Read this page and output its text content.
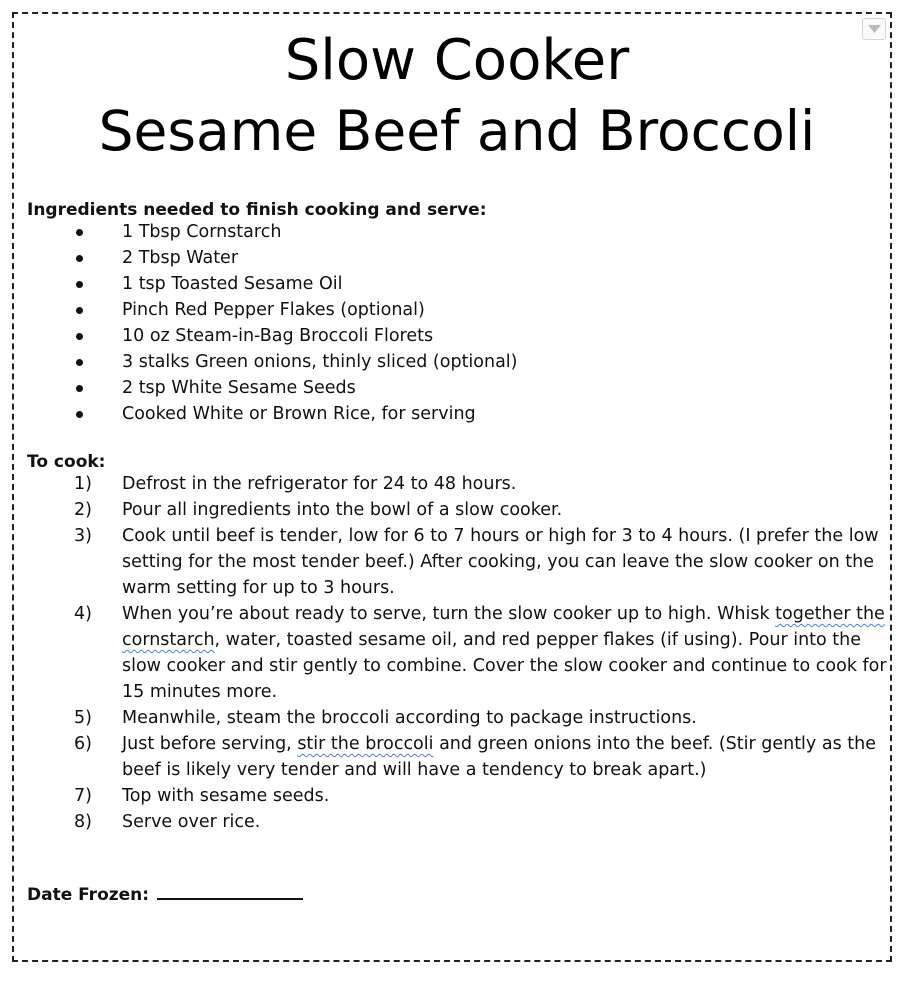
Slow Cooker
Sesame Beef and Broccoli
Ingredients needed to finish cooking and serve:
1 Tbsp Cornstarch
2 Tbsp Water
1 tsp Toasted Sesame Oil
Pinch Red Pepper Flakes (optional)
10 oz Steam-in-Bag Broccoli Florets
3 stalks Green onions, thinly sliced (optional)
2 tsp White Sesame Seeds
Cooked White or Brown Rice, for serving
To cook:
1)	Defrost in the refrigerator for 24 to 48 hours.
2)	Pour all ingredients into the bowl of a slow cooker.
3)	Cook until beef is tender, low for 6 to 7 hours or high for 3 to 4 hours. (I prefer the low setting for the most tender beef.) After cooking, you can leave the slow cooker on the warm setting for up to 3 hours.
4)	When you’re about ready to serve, turn the slow cooker up to high. Whisk together the cornstarch, water, toasted sesame oil, and red pepper flakes (if using). Pour into the slow cooker and stir gently to combine. Cover the slow cooker and continue to cook for 15 minutes more.
5)	Meanwhile, steam the broccoli according to package instructions.
6)	Just before serving, stir the broccoli and green onions into the beef. (Stir gently as the beef is likely very tender and will have a tendency to break apart.)
7)	Top with sesame seeds.
8)	Serve over rice.
Date Frozen:
